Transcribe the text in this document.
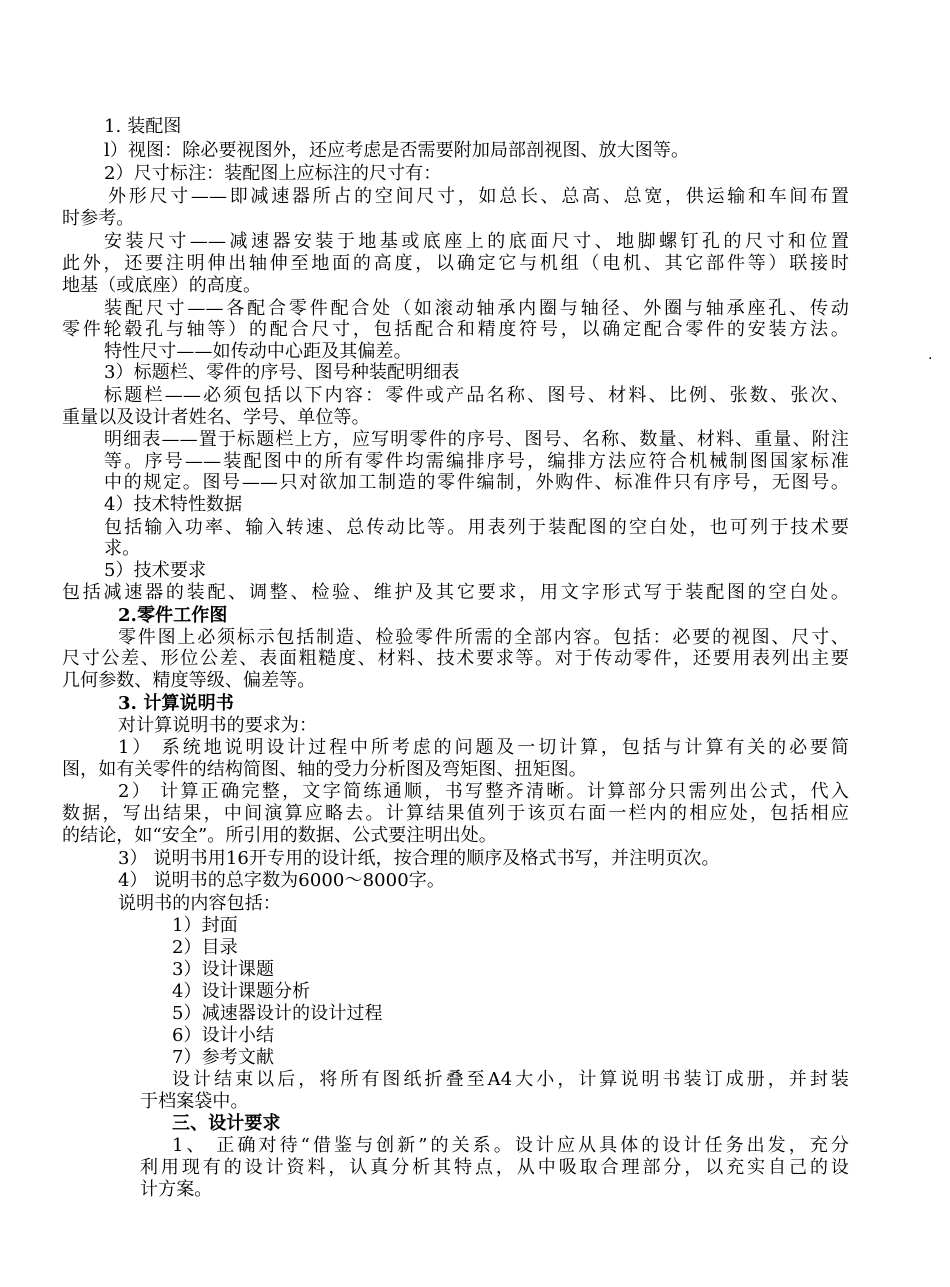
1. 装配图
l）视图：除必要视图外，还应考虑是否需要附加局部剖视图、放大图等。
2）尺寸标注：装配图上应标注的尺寸有：
外形尺寸——即减速器所占的空间尺寸，如总长、总高、总宽，供运输和车间布置
时参考。
安装尺寸——减速器安装于地基或底座上的底面尺寸、地脚螺钉孔的尺寸和位置
此外，还要注明伸出轴伸至地面的高度，以确定它与机组（电机、其它部件等）联接时
地基（或底座）的高度。
装配尺寸——各配合零件配合处（如滚动轴承内圈与轴径、外圈与轴承座孔、传动
零件轮毂孔与轴等）的配合尺寸，包括配合和精度符号，以确定配合零件的安装方法。
特性尺寸——如传动中心距及其偏差。	.
3）标题栏、零件的序号、图号种装配明细表
标题栏——必须包括以下内容：零件或产品名称、图号、材料、比例、张数、张次、
重量以及设计者姓名、学号、单位等。
明细表——置于标题栏上方，应写明零件的序号、图号、名称、数量、材料、重量、附注
等。序号——装配图中的所有零件均需编排序号，编排方法应符合机械制图国家标准
中的规定。图号——只对欲加工制造的零件编制，外购件、标准件只有序号，无图号。
4）技术特性数据
包括输入功率、输入转速、总传动比等。用表列于装配图的空白处，也可列于技术要
求。
5）技术要求
包括减速器的装配、调整、检验、维护及其它要求，用文字形式写于装配图的空白处。
2.零件工作图
零件图上必须标示包括制造、检验零件所需的全部内容。包括：必要的视图、尺寸、
尺寸公差、形位公差、表面粗糙度、材料、技术要求等。对于传动零件，还要用表列出主要
几何参数、精度等级、偏差等。
3. 计算说明书
对计算说明书的要求为：
1） 系统地说明设计过程中所考虑的问题及一切计算，包括与计算有关的必要简
图，如有关零件的结构简图、轴的受力分析图及弯矩图、扭矩图。
2） 计算正确完整，文字简练通顺，书写整齐清晰。计算部分只需列出公式，代入
数据，写出结果，中间演算应略去。计算结果值列于该页右面一栏内的相应处，包括相应
的结论，如“安全”。所引用的数据、公式要注明出处。
3） 说明书用16开专用的设计纸，按合理的顺序及格式书写，并注明页次。
4） 说明书的总字数为6000～8000字。
说明书的内容包括：
1）封面
2）目录
3）设计课题
4）设计课题分析
5）减速器设计的设计过程
6）设计小结
7）参考文献
设计结束以后，将所有图纸折叠至A4大小，计算说明书装订成册，并封装
于档案袋中。
三、设计要求
1、 正确对待“借鉴与创新”的关系。设计应从具体的设计任务出发，充分
利用现有的设计资料，认真分析其特点，从中吸取合理部分，以充实自己的设
计方案。
